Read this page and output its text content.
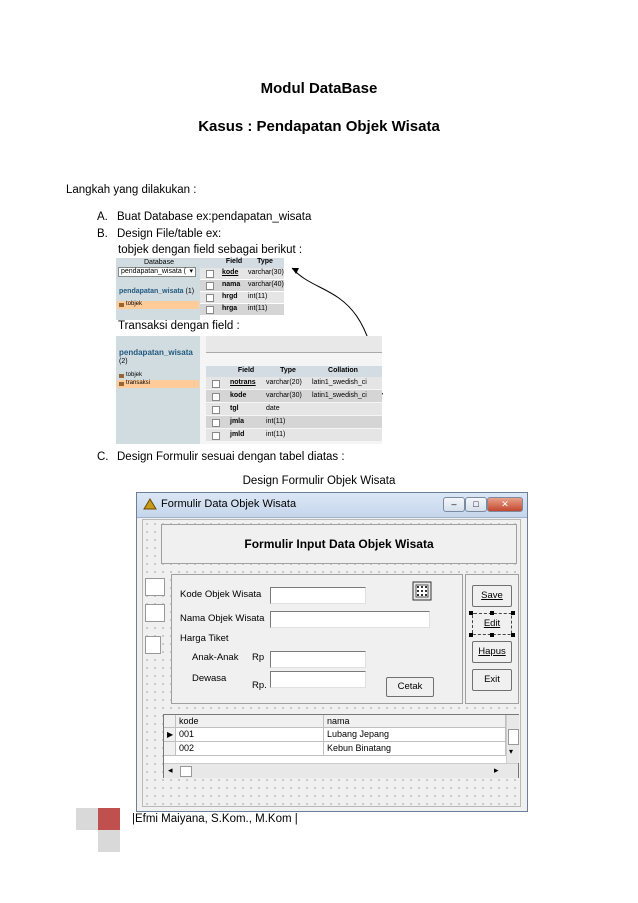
Modul DataBase
Kasus : Pendapatan Objek Wisata
Langkah yang dilakukan :
A. Buat Database ex:pendapatan_wisata
B. Design File/table ex:
tobjek dengan field sebagai berikut :
Database
pendapatan_wisata ( ▾
pendapatan_wisata (1)
tobjek
Field	Type
kode varchar(30)
nama varchar(40)
hrgd int(11)
hrga int(11)
Transaksi dengan field :
pendapatan_wisata
(2)
tobjek
transaksi
Field	Type	Collation
notrans varchar(20) latin1_swedish_ci
kode	varchar(30) latin1_swedish_ci
tgl	date
jmla	int(11)
jmld	int(11)
C. Design Formulir sesuai dengan tabel diatas :
Design Formulir Objek Wisata
Formulir Data Objek Wisata	–	□	✕
Formulir Input Data Objek Wisata
Kode Objek Wisata
Nama Objek Wisata
Harga Tiket
Anak-Anak Rp
Dewasa
Rp.	Cetak
Save
Edit
Hapus
Exit
kode	nama
▶ 001	Lubang Jepang
002	Kebun Binatang	▾
◂	▸
|Efmi Maiyana, S.Kom., M.Kom |
